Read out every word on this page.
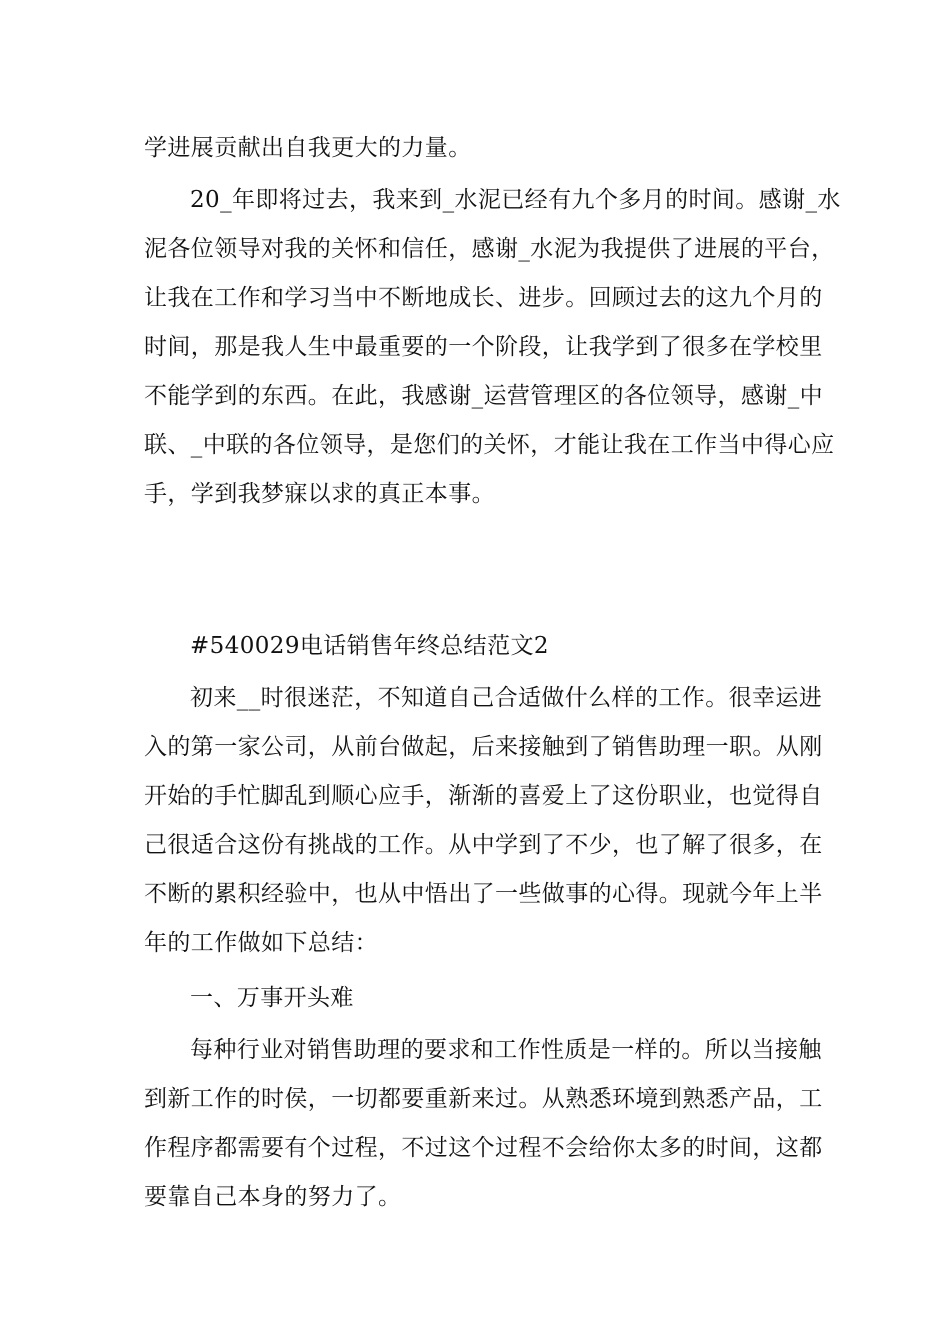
学进展贡献出自我更大的力量。
20_年即将过去，我来到_水泥已经有九个多月的时间。感谢_水
泥各位领导对我的关怀和信任，感谢_水泥为我提供了进展的平台，
让我在工作和学习当中不断地成长、进步。回顾过去的这九个月的
时间，那是我人生中最重要的一个阶段，让我学到了很多在学校里
不能学到的东西。在此，我感谢_运营管理区的各位领导，感谢_中
联、_中联的各位领导，是您们的关怀，才能让我在工作当中得心应
手，学到我梦寐以求的真正本事。
#540029电话销售年终总结范文2
初来__时很迷茫，不知道自己合适做什么样的工作。很幸运进
入的第一家公司，从前台做起，后来接触到了销售助理一职。从刚
开始的手忙脚乱到顺心应手，渐渐的喜爱上了这份职业，也觉得自
己很适合这份有挑战的工作。从中学到了不少，也了解了很多，在
不断的累积经验中，也从中悟出了一些做事的心得。现就今年上半
年的工作做如下总结：
一、万事开头难
每种行业对销售助理的要求和工作性质是一样的。所以当接触
到新工作的时侯，一切都要重新来过。从熟悉环境到熟悉产品，工
作程序都需要有个过程，不过这个过程不会给你太多的时间，这都
要靠自己本身的努力了。
